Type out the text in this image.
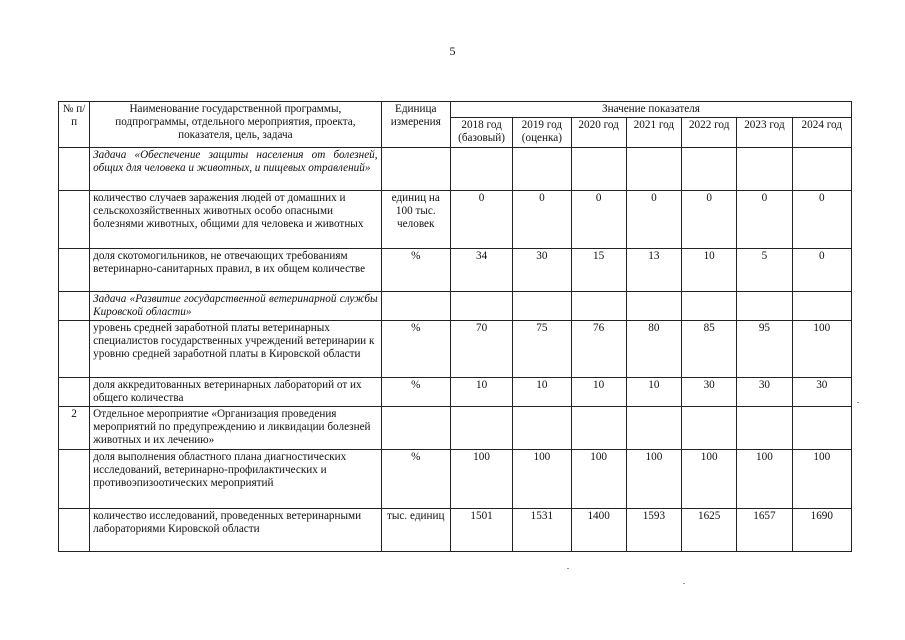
5
№ п/п	Наименование государственной программы, подпрограммы, отдельного мероприятия, проекта, показателя, цель, задача	Единица измерения	Значение показателя						
			2018 год (базовый)	2019 год (оценка)	2020 год	2021 год	2022 год	2023 год	2024 год
	Задача «Обеспечение защиты населения от болезней, общих для человека и животных, и пищевых отравлений»								
	количество случаев заражения людей от домашних и сельскохозяйственных животных особо опасными болезнями животных, общими для человека и животных	единиц на 100 тыс. человек	0	0	0	0	0	0	0
	доля скотомогильников, не отвечающих требованиям ветеринарно-санитарных правил, в их общем количестве	%	34	30	15	13	10	5	0
	Задача «Развитие государственной ветеринарной службы Кировской области»								
	уровень средней заработной платы ветеринарных специалистов государственных учреждений ветеринарии к уровню средней заработной платы в Кировской области	%	70	75	76	80	85	95	100
	доля аккредитованных ветеринарных лабораторий от их общего количества	%	10	10	10	10	30	30	30
2	Отдельное мероприятие «Организация проведения мероприятий по предупреждению и ликвидации болезней животных и их лечению»								
	доля выполнения областного плана диагностических исследований, ветеринарно-профилактических и противоэпизоотических мероприятий	%	100	100	100	100	100	100	100
	количество исследований, проведенных ветеринарными лабораториями Кировской области	тыс. единиц	1501	1531	1400	1593	1625	1657	1690
